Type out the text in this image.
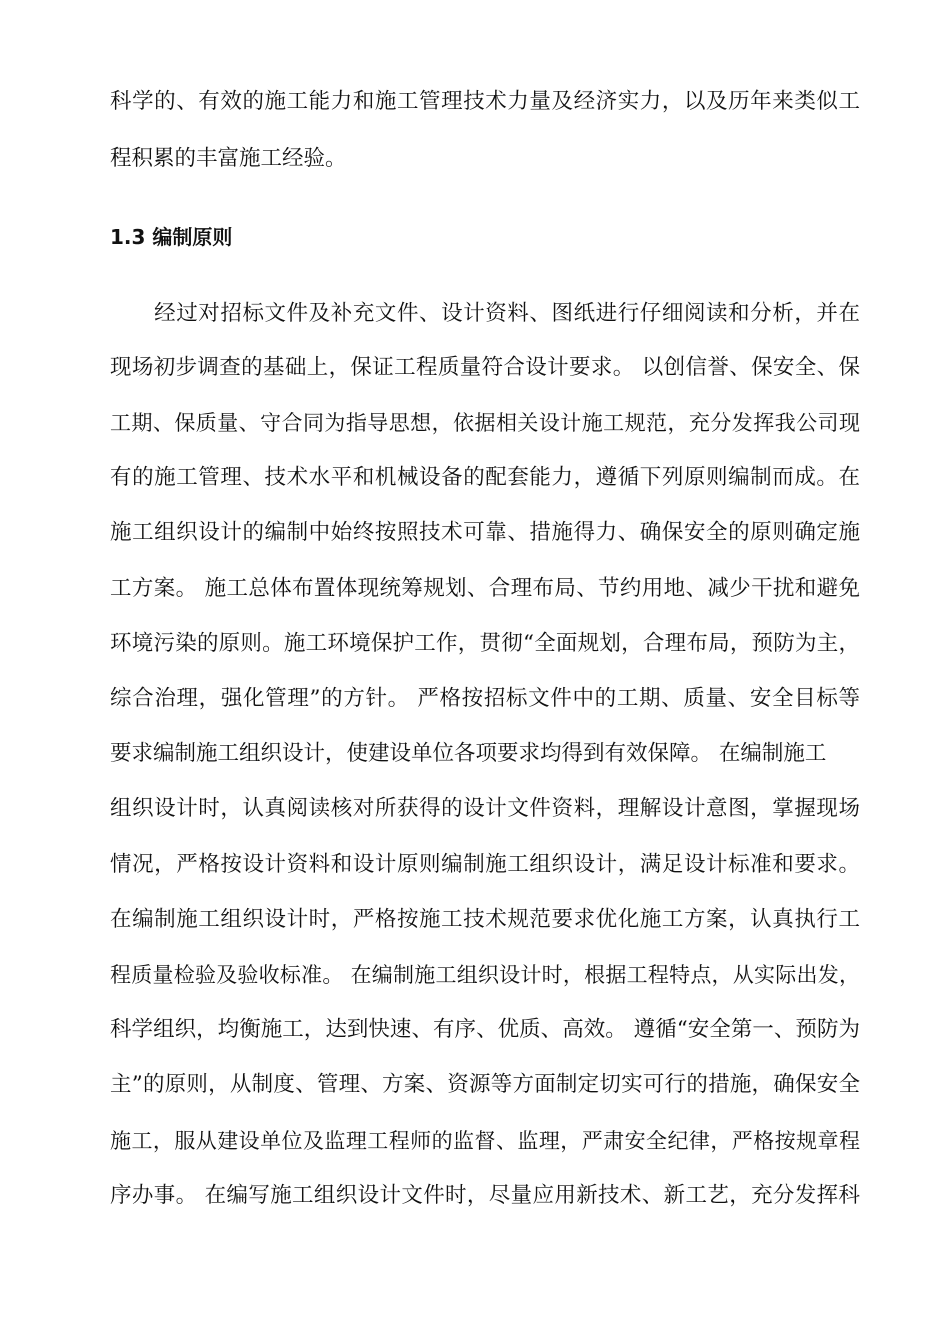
科学的、有效的施工能力和施工管理技术力量及经济实力，以及历年来类似工
程积累的丰富施工经验。
1.3 编制原则
　　经过对招标文件及补充文件、设计资料、图纸进行仔细阅读和分析，并在
现场初步调查的基础上，保证工程质量符合设计要求。 以创信誉、保安全、保
工期、保质量、守合同为指导思想，依据相关设计施工规范，充分发挥我公司现
有的施工管理、技术水平和机械设备的配套能力，遵循下列原则编制而成。在
施工组织设计的编制中始终按照技术可靠、措施得力、确保安全的原则确定施
工方案。 施工总体布置体现统筹规划、合理布局、节约用地、减少干扰和避免
环境污染的原则。施工环境保护工作，贯彻“全面规划，合理布局，预防为主，
综合治理，强化管理”的方针。 严格按招标文件中的工期、质量、安全目标等
要求编制施工组织设计，使建设单位各项要求均得到有效保障。 在编制施工
组织设计时，认真阅读核对所获得的设计文件资料，理解设计意图，掌握现场
情况，严格按设计资料和设计原则编制施工组织设计，满足设计标准和要求。
在编制施工组织设计时，严格按施工技术规范要求优化施工方案，认真执行工
程质量检验及验收标准。 在编制施工组织设计时，根据工程特点，从实际出发，
科学组织，均衡施工，达到快速、有序、优质、高效。 遵循“安全第一、预防为
主”的原则，从制度、管理、方案、资源等方面制定切实可行的措施，确保安全
施工，服从建设单位及监理工程师的监督、监理，严肃安全纪律，严格按规章程
序办事。 在编写施工组织设计文件时，尽量应用新技术、新工艺，充分发挥科
